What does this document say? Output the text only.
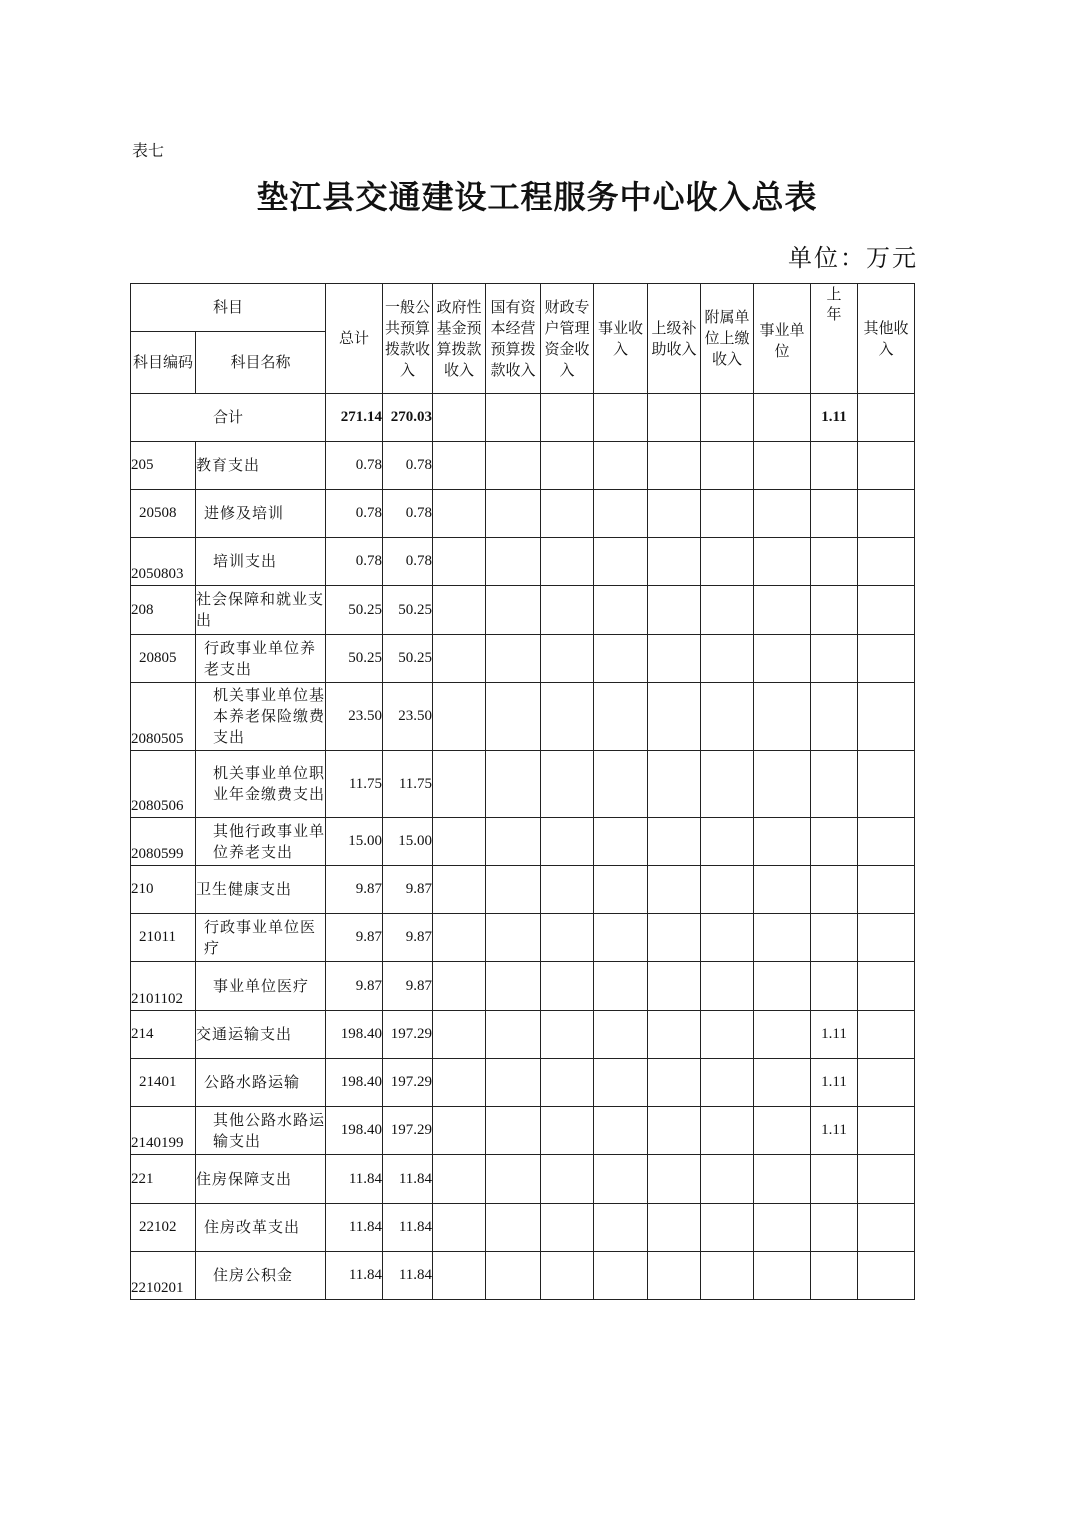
表七
垫江县交通建设工程服务中心收入总表
单位：万元
科目		总计	一般公共预算拨款收入	政府性基金预算拨款收入	国有资本经营预算拨款收入	财政专户管理资金收入	事业收入	上级补助收入	附属单位上缴收入	事业单位	上年	其他收入
科目编码	科目名称											
合计		271.14	270.03								1.11	
205	教育支出	0.78	0.78									
20508	进修及培训	0.78	0.78									
2050803	培训支出	0.78	0.78									
208	社会保障和就业支出	50.25	50.25									
20805	行政事业单位养老支出	50.25	50.25									
2080505	机关事业单位基本养老保险缴费支出	23.50	23.50									
2080506	机关事业单位职业年金缴费支出	11.75	11.75									
2080599	其他行政事业单位养老支出	15.00	15.00									
210	卫生健康支出	9.87	9.87									
21011	行政事业单位医疗	9.87	9.87									
2101102	事业单位医疗	9.87	9.87									
214	交通运输支出	198.40	197.29								1.11	
21401	公路水路运输	198.40	197.29								1.11	
2140199	其他公路水路运输支出	198.40	197.29								1.11	
221	住房保障支出	11.84	11.84									
22102	住房改革支出	11.84	11.84									
2210201	住房公积金	11.84	11.84									
